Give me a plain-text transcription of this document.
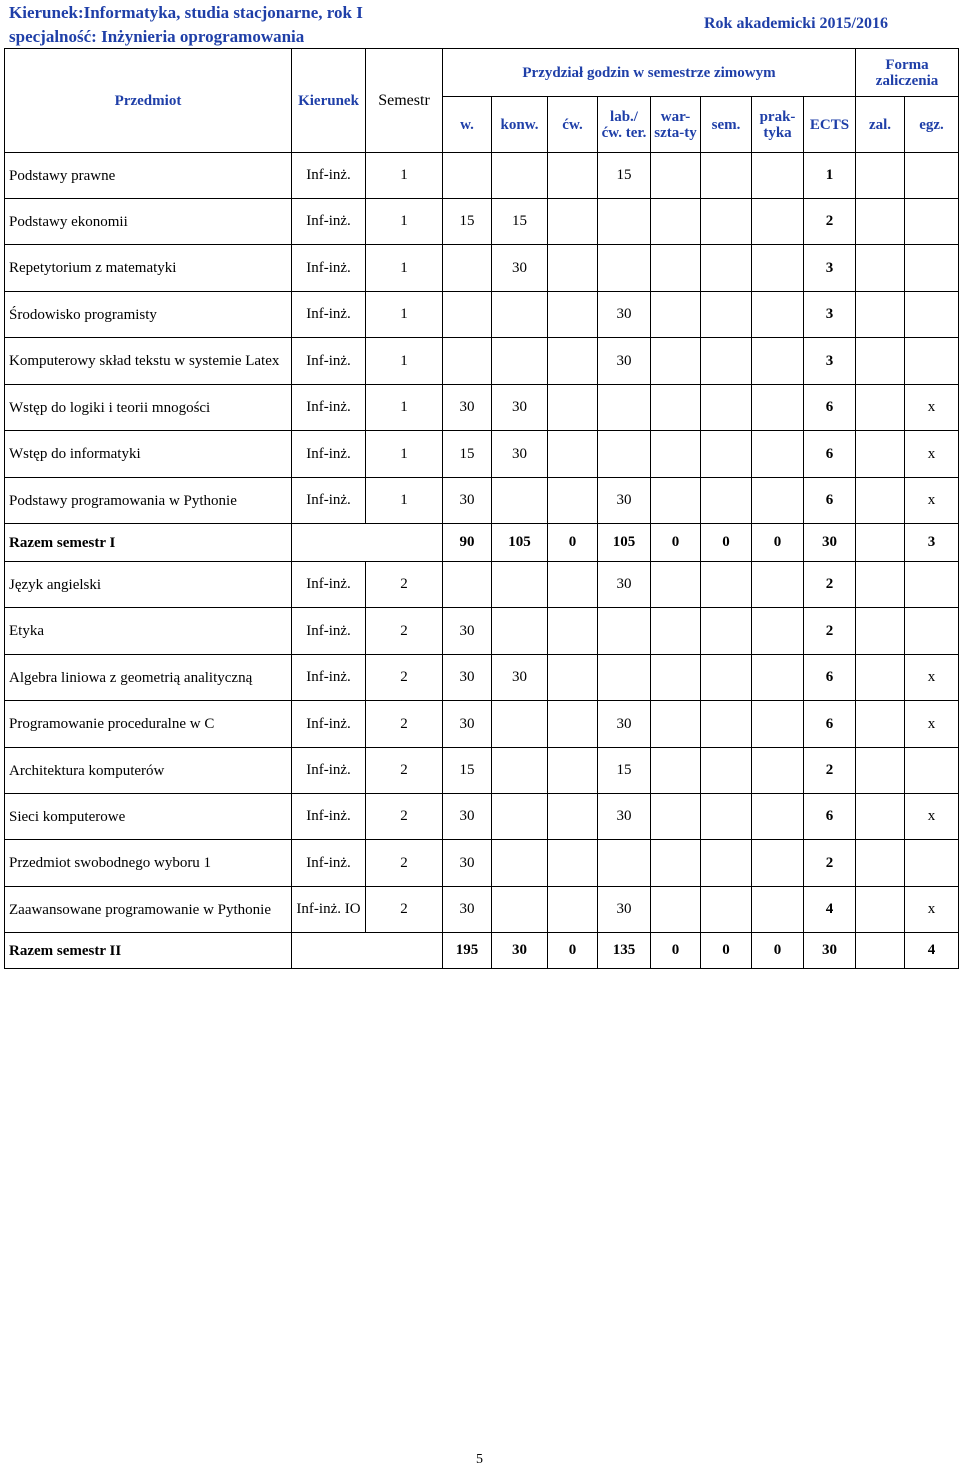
Kierunek:Informatyka, studia stacjonarne, rok I
specjalność: Inżynieria oprogramowania
Rok akademicki 2015/2016
Przedmiot	Kierunek	Semestr	Przydział godzin w semestrze zimowym								Forma zaliczenia	
			w.	konw.	ćw.	lab./ ćw. ter.	war-szta-ty	sem.	prak-tyka	ECTS	zal.	egz.
Podstawy prawne	Inf-inż.	1				15				1		
Podstawy ekonomii	Inf-inż.	1	15	15						2		
Repetytorium z matematyki	Inf-inż.	1		30						3		
Środowisko programisty	Inf-inż.	1				30				3		
Komputerowy skład tekstu w systemie Latex	Inf-inż.	1				30				3		
Wstęp do logiki i teorii mnogości	Inf-inż.	1	30	30						6		x
Wstęp do informatyki	Inf-inż.	1	15	30						6		x
Podstawy programowania w Pythonie	Inf-inż.	1	30			30				6		x
Razem semestr I			90	105	0	105	0	0	0	30		3
Język angielski	Inf-inż.	2				30				2		
Etyka	Inf-inż.	2	30							2		
Algebra liniowa z geometrią analityczną	Inf-inż.	2	30	30						6		x
Programowanie proceduralne w C	Inf-inż.	2	30			30				6		x
Architektura komputerów	Inf-inż.	2	15			15				2		
Sieci komputerowe	Inf-inż.	2	30			30				6		x
Przedmiot swobodnego wyboru 1	Inf-inż.	2	30							2		
Zaawansowane programowanie w Pythonie	Inf-inż. IO	2	30			30				4		x
Razem semestr II			195	30	0	135	0	0	0	30		4
5
